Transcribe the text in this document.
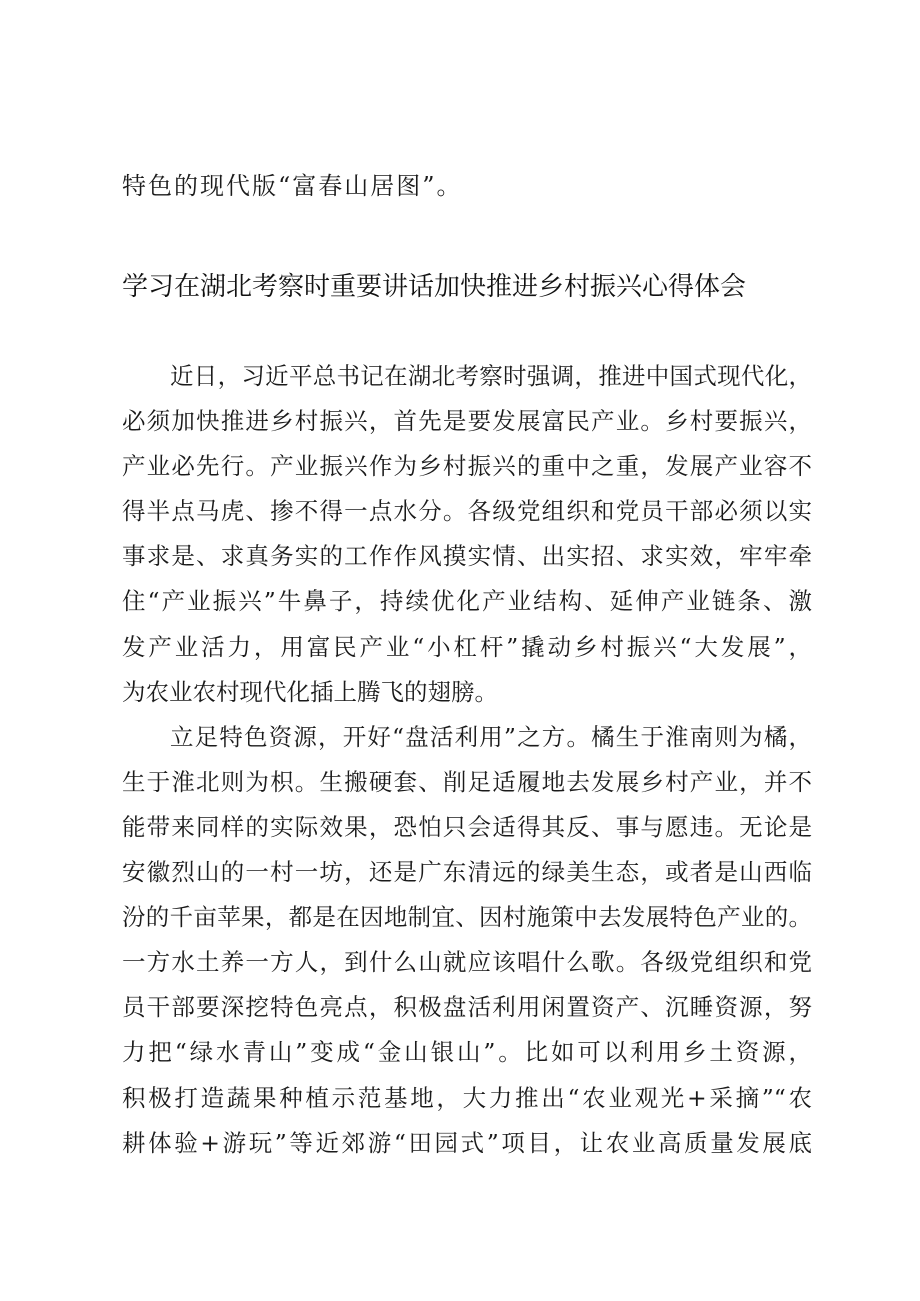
特色的现代版“富春山居图”。
学习在湖北考察时重要讲话加快推进乡村振兴心得体会
近日，习近平总书记在湖北考察时强调，推进中国式现代化，
必须加快推进乡村振兴，首先是要发展富民产业。乡村要振兴，
产业必先行。产业振兴作为乡村振兴的重中之重，发展产业容不
得半点马虎、掺不得一点水分。各级党组织和党员干部必须以实
事求是、求真务实的工作作风摸实情、出实招、求实效，牢牢牵
住“产业振兴”牛鼻子，持续优化产业结构、延伸产业链条、激
发产业活力，用富民产业“小杠杆”撬动乡村振兴“大发展”，
为农业农村现代化插上腾飞的翅膀。
立足特色资源，开好“盘活利用”之方。橘生于淮南则为橘，
生于淮北则为枳。生搬硬套、削足适履地去发展乡村产业，并不
能带来同样的实际效果，恐怕只会适得其反、事与愿违。无论是
安徽烈山的一村一坊，还是广东清远的绿美生态，或者是山西临
汾的千亩苹果，都是在因地制宜、因村施策中去发展特色产业的。
一方水土养一方人，到什么山就应该唱什么歌。各级党组织和党
员干部要深挖特色亮点，积极盘活利用闲置资产、沉睡资源，努
力把“绿水青山”变成“金山银山”。比如可以利用乡土资源，
积极打造蔬果种植示范基地，大力推出“农业观光+采摘”“农
耕体验+游玩”等近郊游“田园式”项目，让农业高质量发展底
